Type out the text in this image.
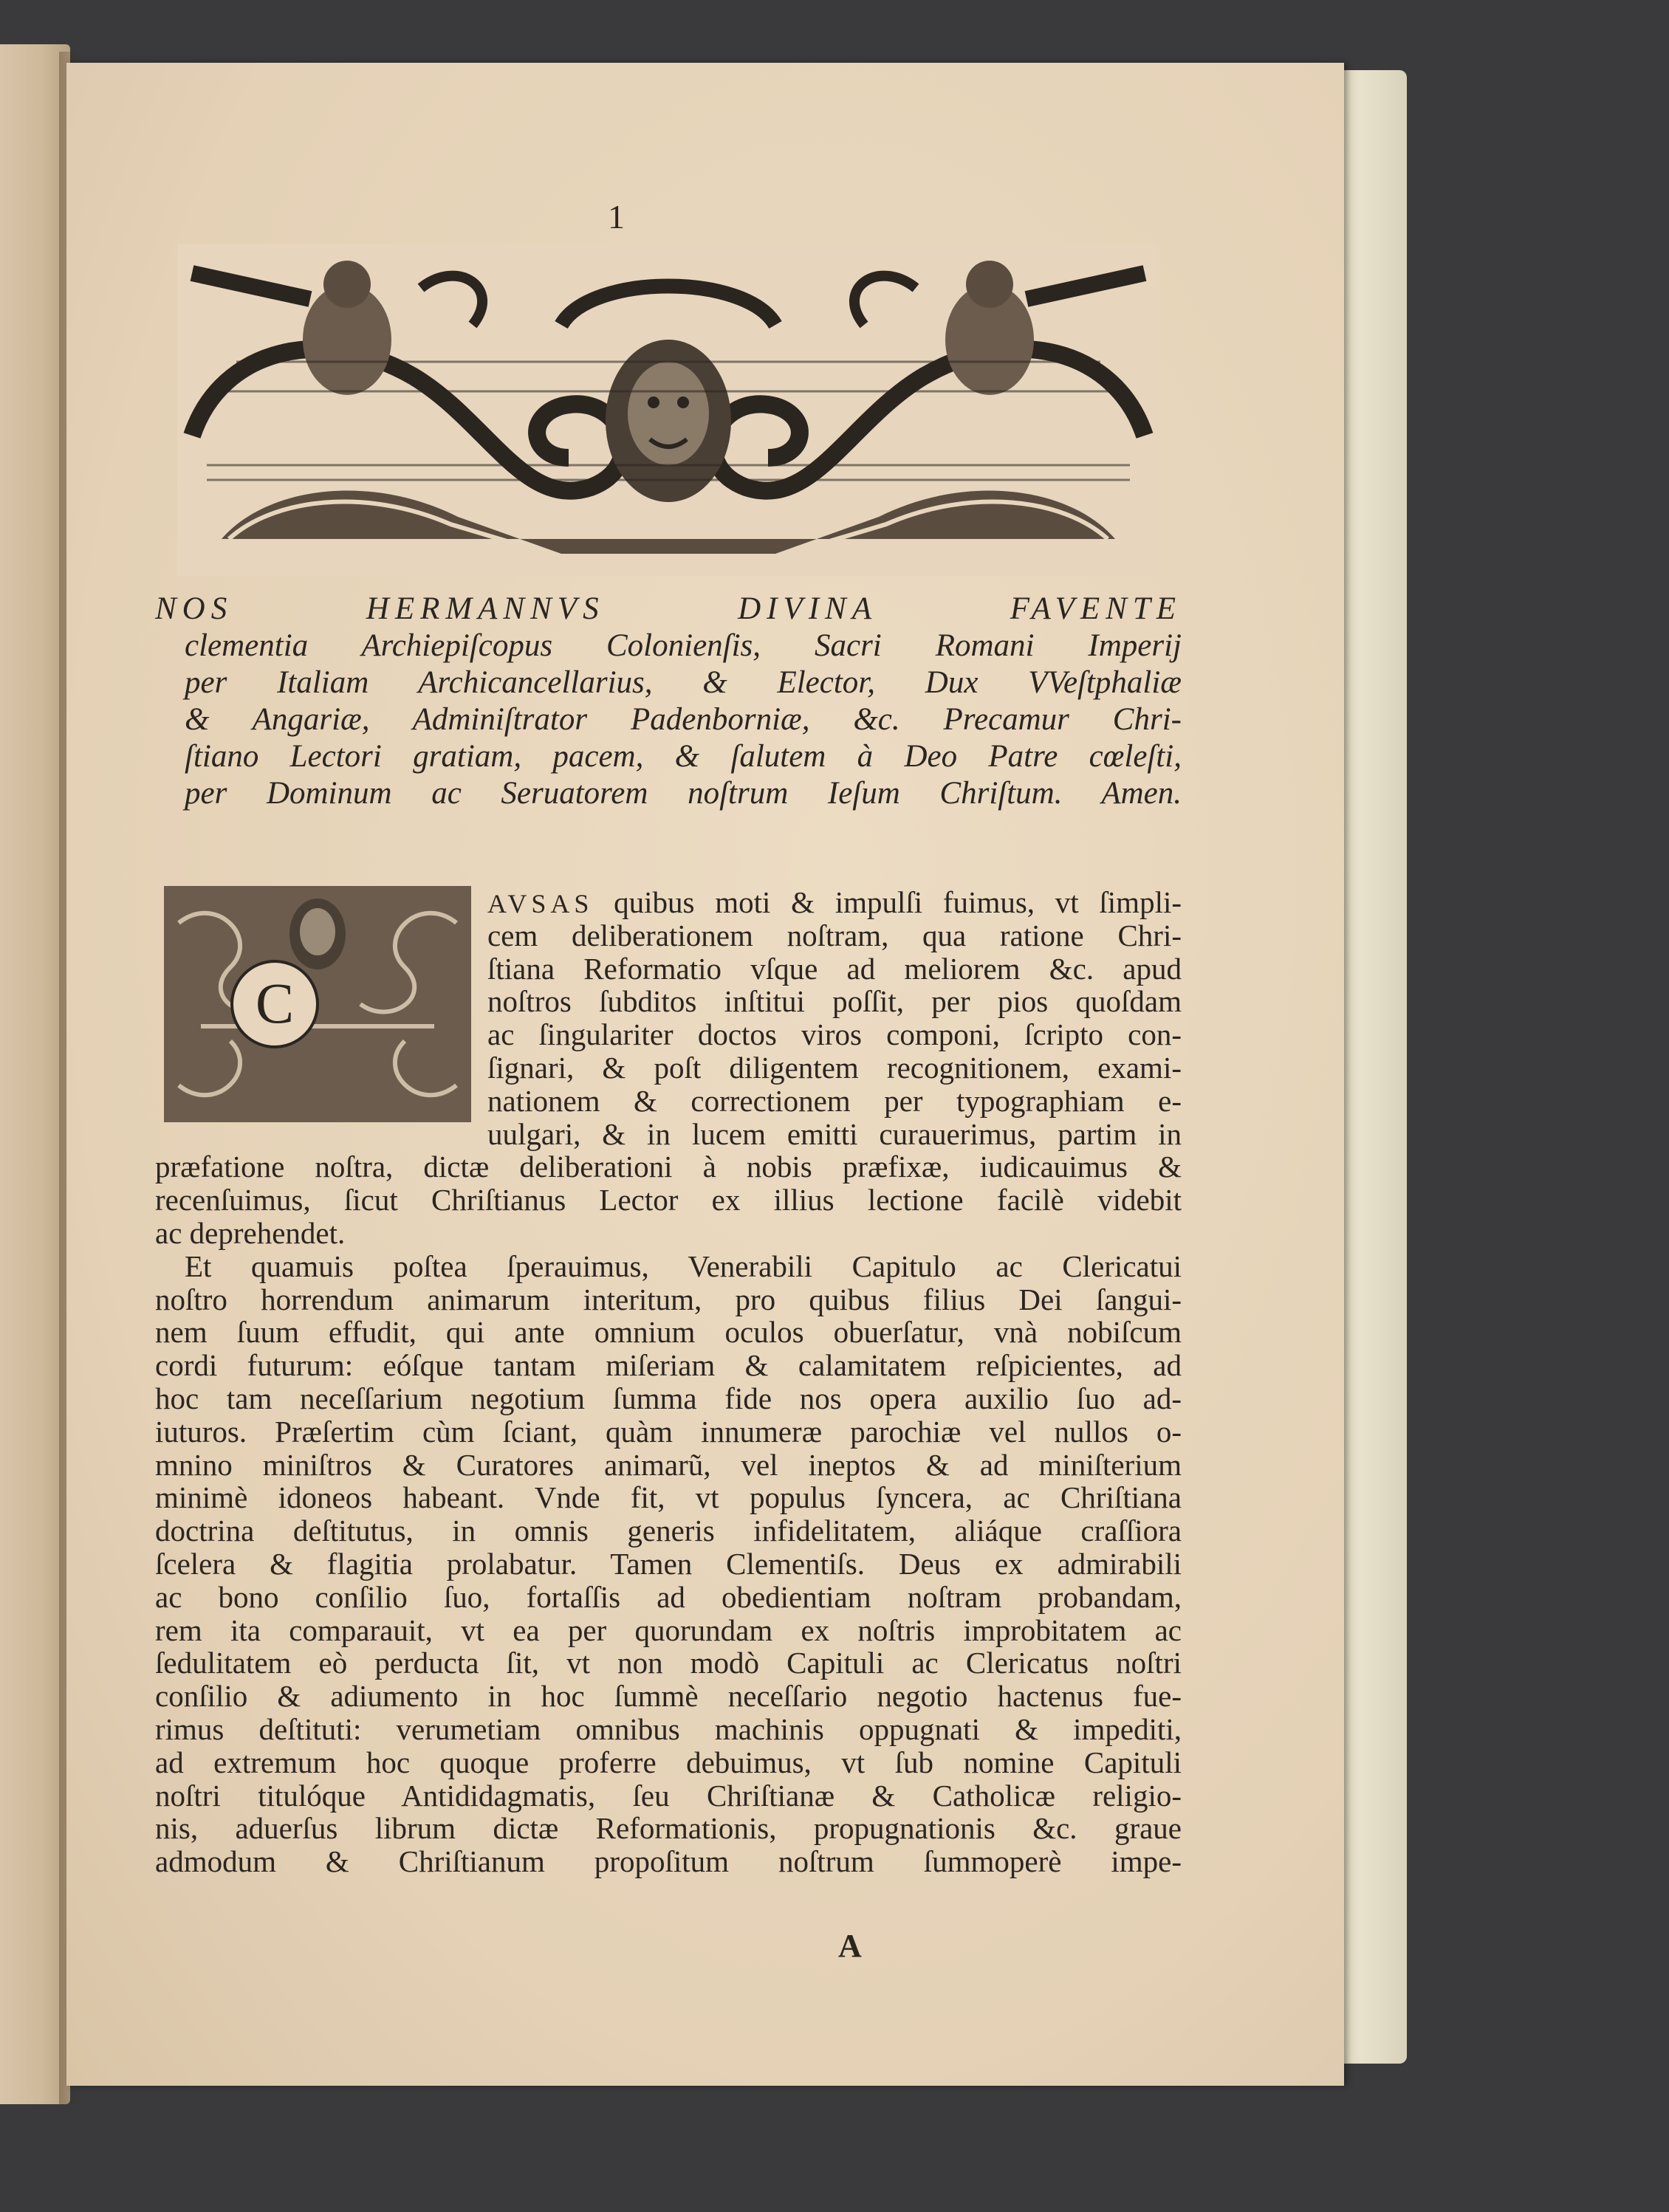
1
NOS HERMANNVS DIVINA FAVENTE
clementia Archiepiſcopus Colonienſis, Sacri Romani Imperij
per Italiam Archicancellarius, & Elector, Dux VVeſtphaliæ
& Angariæ, Adminiſtrator Padenborniæ, &c. Precamur Chri-
ſtiano Lectori gratiam, pacem, & ſalutem à Deo Patre cœleſti,
per Dominum ac Seruatorem noſtrum Ieſum Chriſtum. Amen.
C
AVSAS quibus moti & impulſi fuimus, vt ſimpli-
cem deliberationem noſtram, qua ratione Chri-
ſtiana Reformatio vſque ad meliorem &c. apud
noſtros ſubditos inſtitui poſſit, per pios quoſdam
ac ſingulariter doctos viros componi, ſcripto con-
ſignari, & poſt diligentem recognitionem, exami-
nationem & correctionem per typographiam e-
uulgari, & in lucem emitti curauerimus, partim in
præfatione noſtra, dictæ deliberationi à nobis præfixæ, iudicauimus &
recenſuimus, ſicut Chriſtianus Lector ex illius lectione facilè videbit
ac deprehendet.
Et quamuis poſtea ſperauimus, Venerabili Capitulo ac Clericatui
noſtro horrendum animarum interitum, pro quibus filius Dei ſangui-
nem ſuum effudit, qui ante omnium oculos obuerſatur, vnà nobiſcum
cordi futurum: eóſque tantam miſeriam & calamitatem reſpicientes, ad
hoc tam neceſſarium negotium ſumma fide nos opera auxilio ſuo ad-
iuturos. Præſertim cùm ſciant, quàm innumeræ parochiæ vel nullos o-
mnino miniſtros & Curatores animarũ, vel ineptos & ad miniſterium
minimè idoneos habeant. Vnde fit, vt populus ſyncera, ac Chriſtiana
doctrina deſtitutus, in omnis generis infidelitatem, aliáque craſſiora
ſcelera & flagitia prolabatur. Tamen Clementiſs. Deus ex admirabili
ac bono conſilio ſuo, fortaſſis ad obedientiam noſtram probandam,
rem ita comparauit, vt ea per quorundam ex noſtris improbitatem ac
ſedulitatem eò perducta ſit, vt non modò Capituli ac Clericatus noſtri
conſilio & adiumento in hoc ſummè neceſſario negotio hactenus fue-
rimus deſtituti: verumetiam omnibus machinis oppugnati & impediti,
ad extremum hoc quoque proferre debuimus, vt ſub nomine Capituli
noſtri titulóque Antididagmatis, ſeu Chriſtianæ & Catholicæ religio-
nis, aduerſus librum dictæ Reformationis, propugnationis &c. graue
admodum & Chriſtianum propoſitum noſtrum ſummoperè impe-
A
